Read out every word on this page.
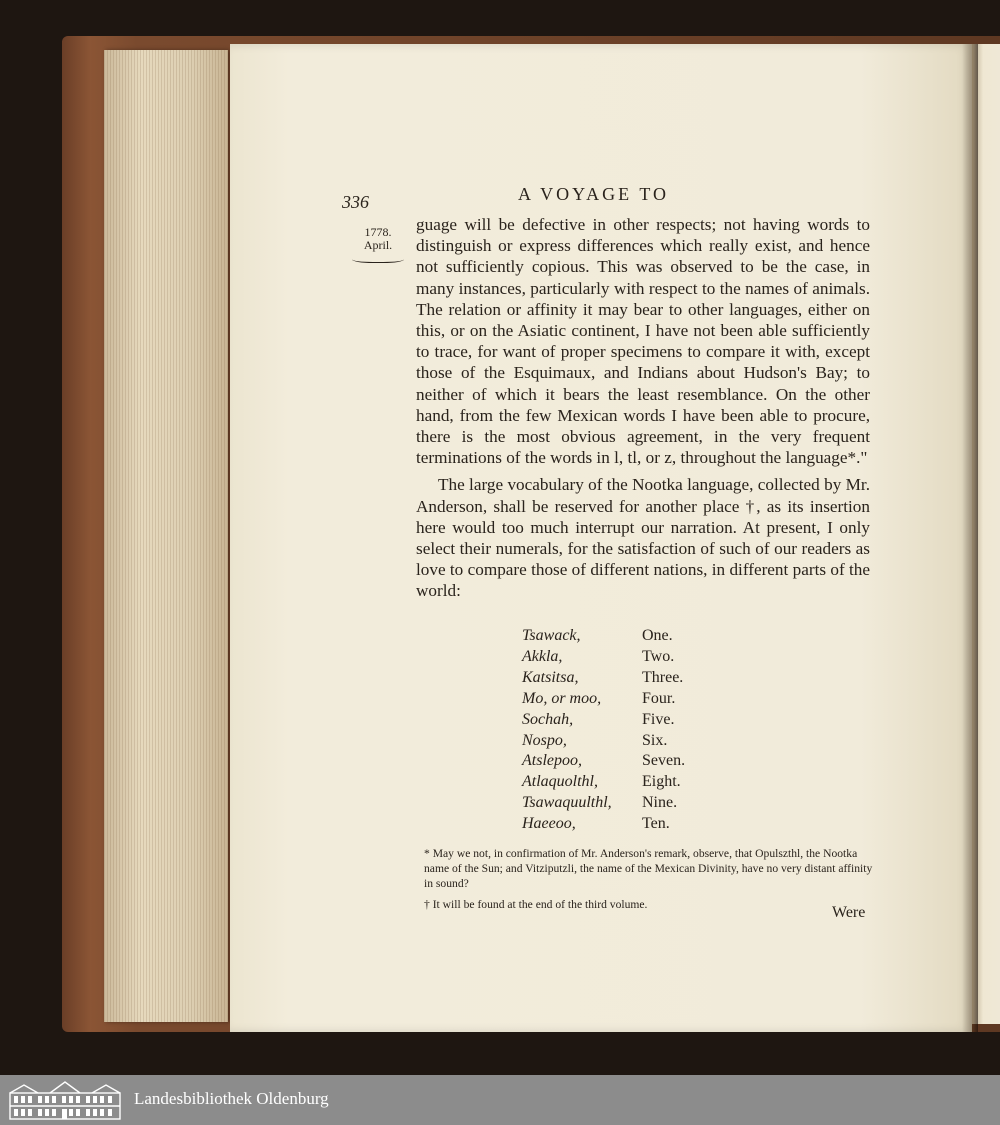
336	A VOYAGE TO
1778.
April.

guage will be defective in other respects; not having words to distinguish or express differences which really exist, and hence not sufficiently copious. This was observed to be the case, in many instances, particularly with respect to the names of animals. The relation or affinity it may bear to other languages, either on this, or on the Asiatic continent, I have not been able sufficiently to trace, for want of proper specimens to compare it with, except those of the Esquimaux, and Indians about Hudson's Bay; to neither of which it bears the least resemblance. On the other hand, from the few Mexican words I have been able to procure, there is the most obvious agreement, in the very frequent terminations of the words in l, tl, or z, throughout the language*."

The large vocabulary of the Nootka language, collected by Mr. Anderson, shall be reserved for another place †, as its insertion here would too much interrupt our narration. At present, I only select their numerals, for the satisfaction of such of our readers as love to compare those of different nations, in different parts of the world:

Tsawack,	One.
Akkla,	Two.
Katsitsa,	Three.
Mo, or moo,	Four.
Sochah,	Five.
Nospo,	Six.
Atslepoo,	Seven.
Atlaquolthl,	Eight.
Tsawaquulthl,	Nine.
Haeeoo,	Ten.

* May we not, in confirmation of Mr. Anderson's remark, observe, that Opulszthl, the Nootka name of the Sun; and Vitziputzli, the name of the Mexican Divinity, have no very distant affinity in sound?

† It will be found at the end of the third volume.	Were
Landesbibliothek Oldenburg
